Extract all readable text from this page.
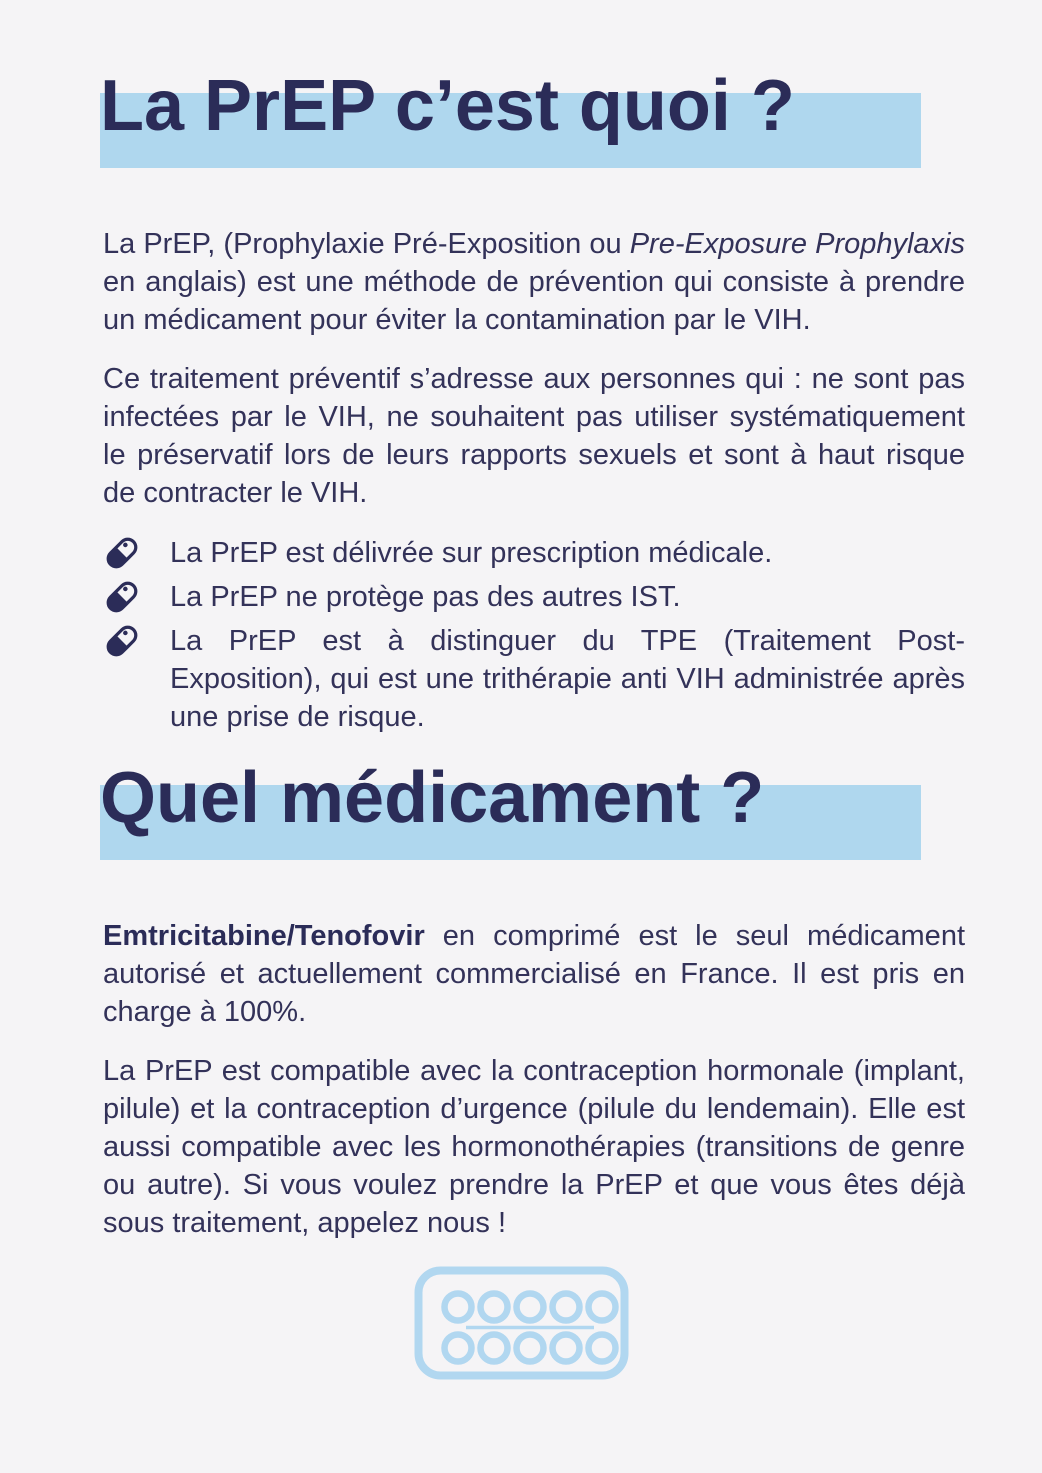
La PrEP c’est quoi ?

La PrEP, (Prophylaxie Pré-Exposition ou Pre-Exposure Prophylaxis en anglais) est une méthode de prévention qui consiste à prendre un médicament pour éviter la contamination par le VIH.

Ce traitement préventif s’adresse aux personnes qui : ne sont pas infectées par le VIH, ne souhaitent pas utiliser systématiquement le préservatif lors de leurs rapports sexuels et sont à haut risque de contracter le VIH.

La PrEP est délivrée sur prescription médicale.

La PrEP ne protège pas des autres IST.

La PrEP est à distinguer du TPE (Traitement Post-Exposition), qui est une trithérapie anti VIH administrée après une prise de risque.

Quel médicament ?

Emtricitabine/Tenofovir en comprimé est le seul médicament autorisé et actuellement commercialisé en France. Il est pris en charge à 100%.

La PrEP est compatible avec la contraception hormonale (implant, pilule) et la contraception d’urgence (pilule du lendemain). Elle est aussi compatible avec les hormonothérapies (transitions de genre ou autre). Si vous voulez prendre la PrEP et que vous êtes déjà sous traitement, appelez nous !
